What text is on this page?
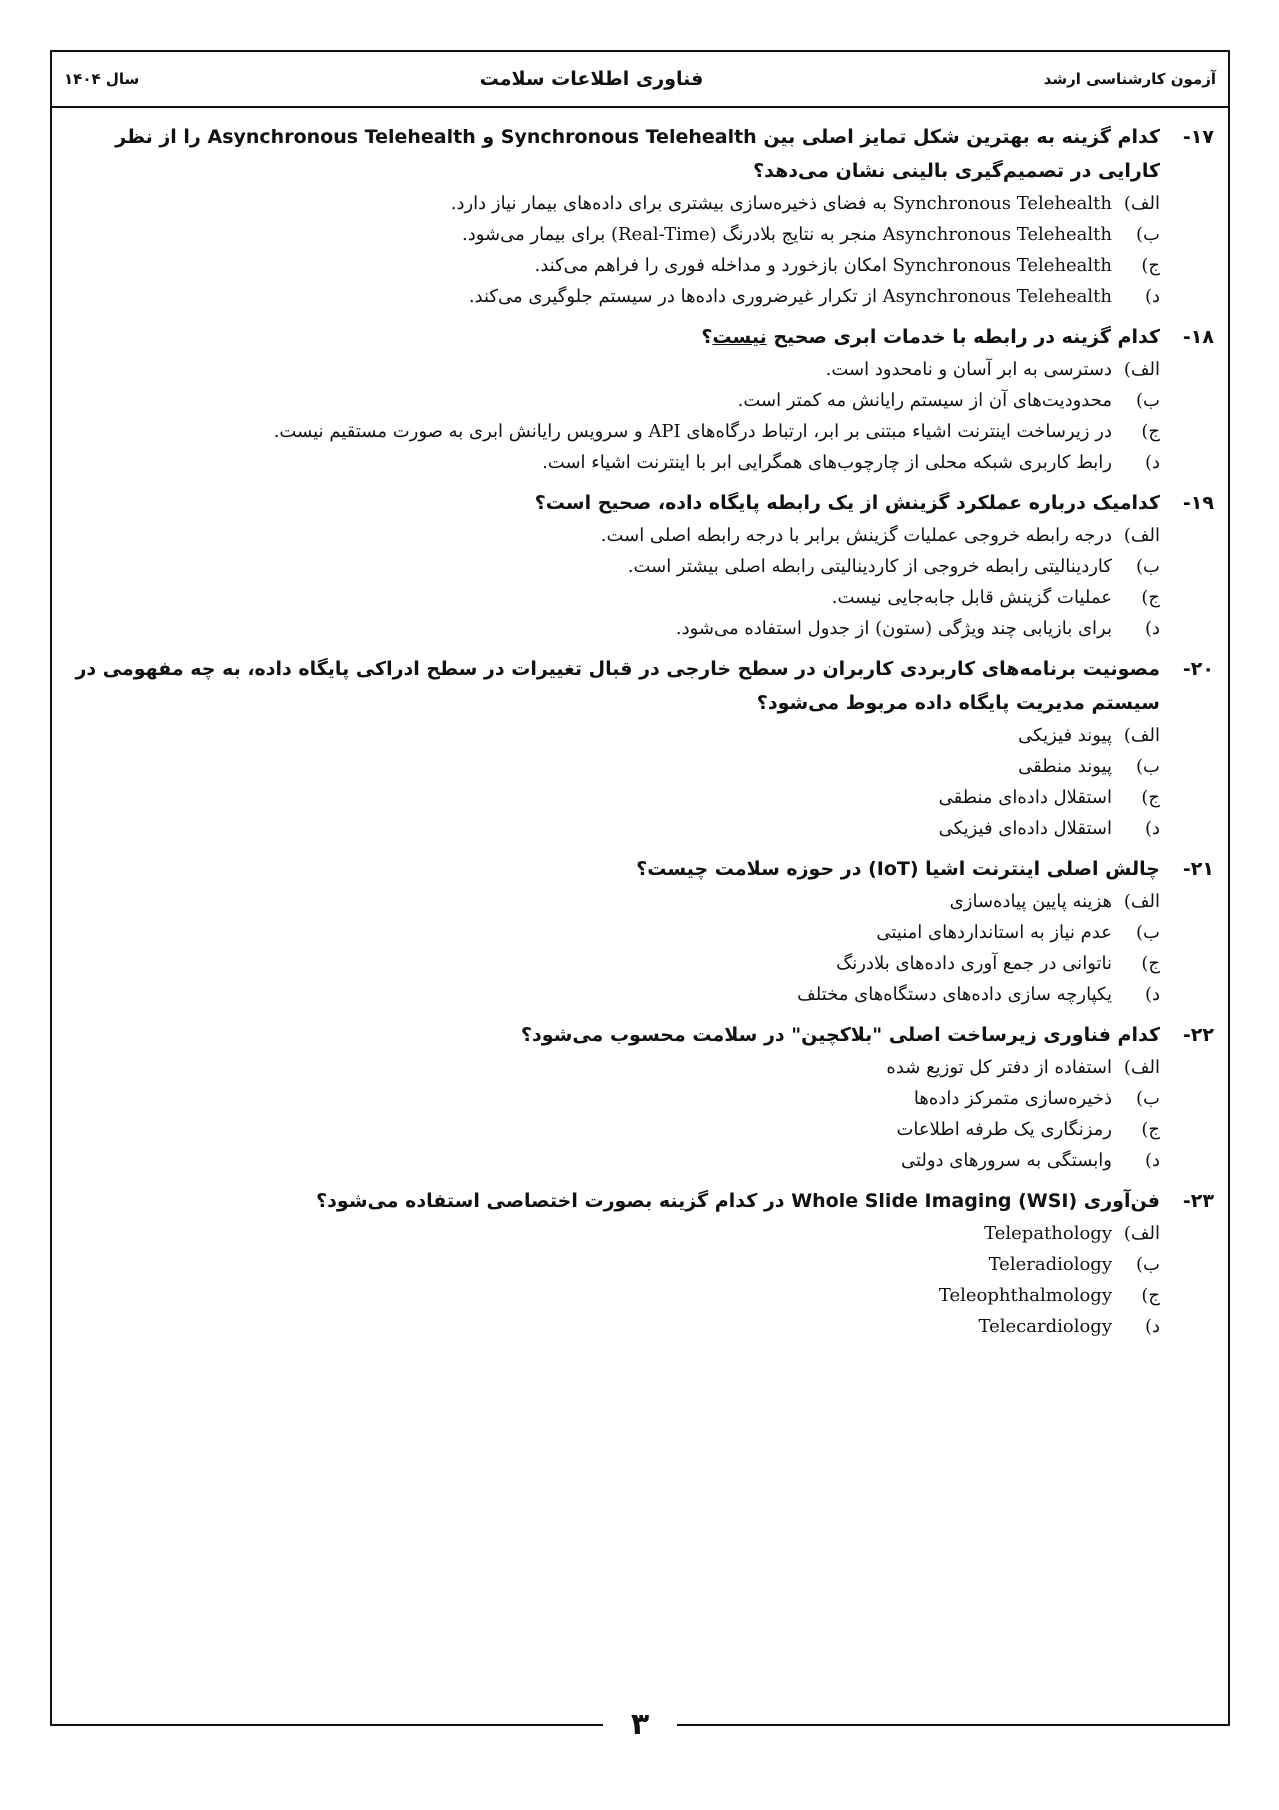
آزمون کارشناسی ارشد
فناوری اطلاعات سلامت
سال ۱۴۰۴
۱۷-
کدام گزینه به بهترین شکل تمایز اصلی بین Synchronous Telehealth و Asynchronous Telehealth را از نظر کارایی در تصمیم‌گیری بالینی نشان می‌دهد؟
الف)
Synchronous Telehealth به فضای ذخیره‌سازی بیشتری برای داده‌های بیمار نیاز دارد.
ب)
Asynchronous Telehealth منجر به نتایج بلادرنگ (Real-Time) برای بیمار می‌شود.
ج)
Synchronous Telehealth امکان بازخورد و مداخله فوری را فراهم می‌کند.
د)
Asynchronous Telehealth از تکرار غیرضروری داده‌ها در سیستم جلوگیری می‌کند.
۱۸-
کدام گزینه در رابطه با خدمات ابری صحیح نیست؟
الف)
دسترسی به ابر آسان و نامحدود است.
ب)
محدودیت‌های آن از سیستم رایانش مه کمتر است.
ج)
در زیرساخت اینترنت اشیاء مبتنی بر ابر، ارتباط درگاه‌های API و سرویس رایانش ابری به صورت مستقیم نیست.
د)
رابط کاربری شبکه محلی از چارچوب‌های همگرایی ابر با اینترنت اشیاء است.
۱۹-
کدامیک درباره عملکرد گزینش از یک رابطه پایگاه داده، صحیح است؟
الف)
درجه رابطه خروجی عملیات گزینش برابر با درجه رابطه اصلی است.
ب)
کاردینالیتی رابطه خروجی از کاردینالیتی رابطه اصلی بیشتر است.
ج)
عملیات گزینش قابل جابه‌جایی نیست.
د)
برای بازیابی چند ویژگی (ستون) از جدول استفاده می‌شود.
۲۰-
مصونیت برنامه‌های کاربردی کاربران در سطح خارجی در قبال تغییرات در سطح ادراکی پایگاه داده، به چه مفهومی در سیستم مدیریت پایگاه داده مربوط می‌شود؟
الف)
پیوند فیزیکی
ب)
پیوند منطقی
ج)
استقلال داده‌ای منطقی
د)
استقلال داده‌ای فیزیکی
۲۱-
چالش اصلی اینترنت اشیا (IoT) در حوزه سلامت چیست؟
الف)
هزینه پایین پیاده‌سازی
ب)
عدم نیاز به استانداردهای امنیتی
ج)
ناتوانی در جمع آوری داده‌های بلادرنگ
د)
یکپارچه سازی داده‌های دستگاه‌های مختلف
۲۲-
کدام فناوری زیرساخت اصلی "بلاکچین" در سلامت محسوب می‌شود؟
الف)
استفاده از دفتر کل توزیع شده
ب)
ذخیره‌سازی متمرکز داده‌ها
ج)
رمزنگاری یک طرفه اطلاعات
د)
وابستگی به سرورهای دولتی
۲۳-
فن‌آوری Whole Slide Imaging (WSI) در کدام گزینه بصورت اختصاصی استفاده می‌شود؟
الف)
Telepathology
ب)
Teleradiology
ج)
Teleophthalmology
د)
Telecardiology
۳
